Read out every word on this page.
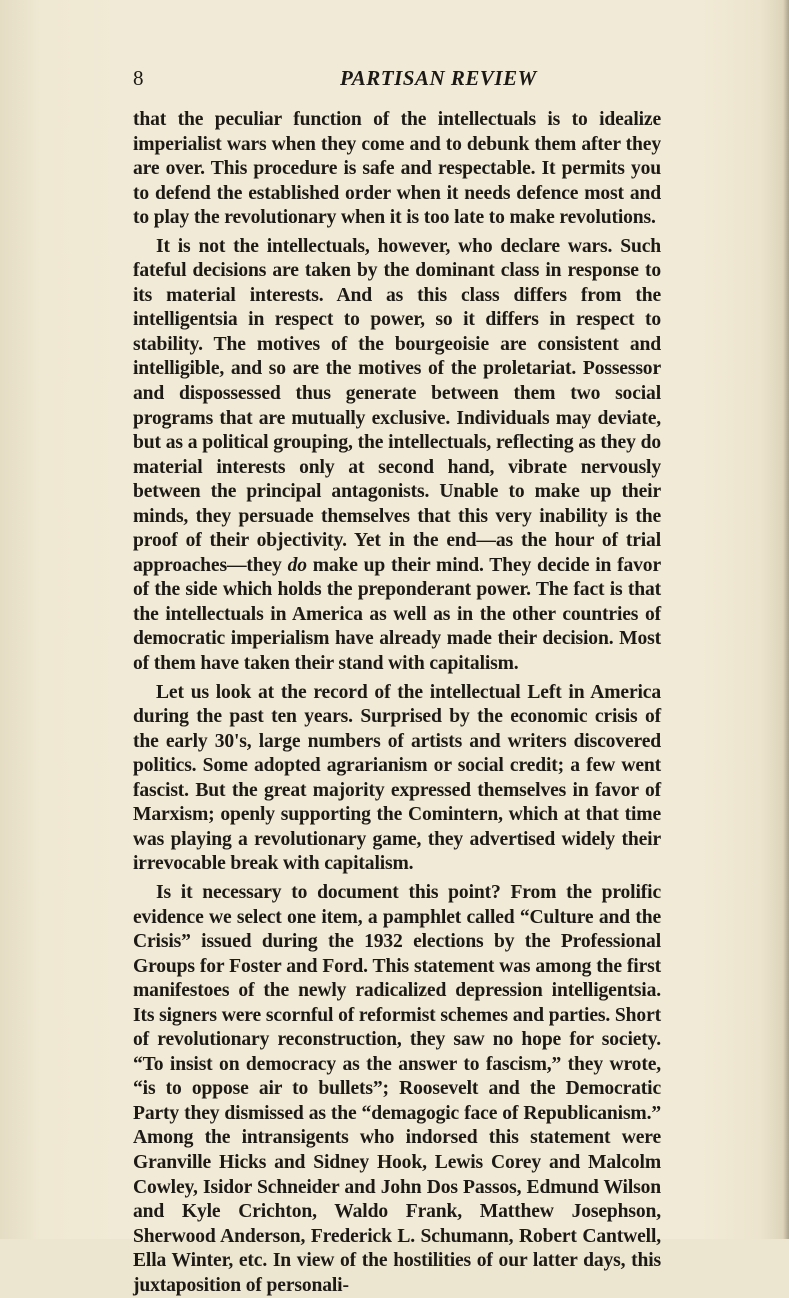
8	PARTISAN REVIEW

that the peculiar function of the intellectuals is to idealize imperialist wars when they come and to debunk them after they are over. This procedure is safe and respectable. It permits you to defend the established order when it needs defence most and to play the revolutionary when it is too late to make revolutions.

It is not the intellectuals, however, who declare wars. Such fateful decisions are taken by the dominant class in response to its material interests. And as this class differs from the intelligentsia in respect to power, so it differs in respect to stability. The motives of the bourgeoisie are consistent and intelligible, and so are the motives of the proletariat. Possessor and dispossessed thus generate between them two social programs that are mutually exclusive. Individuals may deviate, but as a political grouping, the intellectuals, reflecting as they do material interests only at second hand, vibrate nervously between the principal antagonists. Unable to make up their minds, they persuade themselves that this very inability is the proof of their objectivity. Yet in the end—as the hour of trial approaches—they do make up their mind. They decide in favor of the side which holds the preponderant power. The fact is that the intellectuals in America as well as in the other countries of democratic imperialism have already made their decision. Most of them have taken their stand with capitalism.

Let us look at the record of the intellectual Left in America during the past ten years. Surprised by the economic crisis of the early 30's, large numbers of artists and writers discovered politics. Some adopted agrarianism or social credit; a few went fascist. But the great majority expressed themselves in favor of Marxism; openly supporting the Comintern, which at that time was playing a revolutionary game, they advertised widely their irrevocable break with capitalism.

Is it necessary to document this point? From the prolific evidence we select one item, a pamphlet called “Culture and the Crisis” issued during the 1932 elections by the Professional Groups for Foster and Ford. This statement was among the first manifestoes of the newly radicalized depression intelligentsia. Its signers were scornful of reformist schemes and parties. Short of revolutionary reconstruction, they saw no hope for society. “To insist on democracy as the answer to fascism,” they wrote, “is to oppose air to bullets”; Roosevelt and the Democratic Party they dismissed as the “demagogic face of Republicanism.” Among the intransigents who indorsed this statement were Granville Hicks and Sidney Hook, Lewis Corey and Malcolm Cowley, Isidor Schneider and John Dos Passos, Edmund Wilson and Kyle Crichton, Waldo Frank, Matthew Josephson, Sherwood Anderson, Frederick L. Schumann, Robert Cantwell, Ella Winter, etc. In view of the hostilities of our latter days, this juxtaposition of personali-
